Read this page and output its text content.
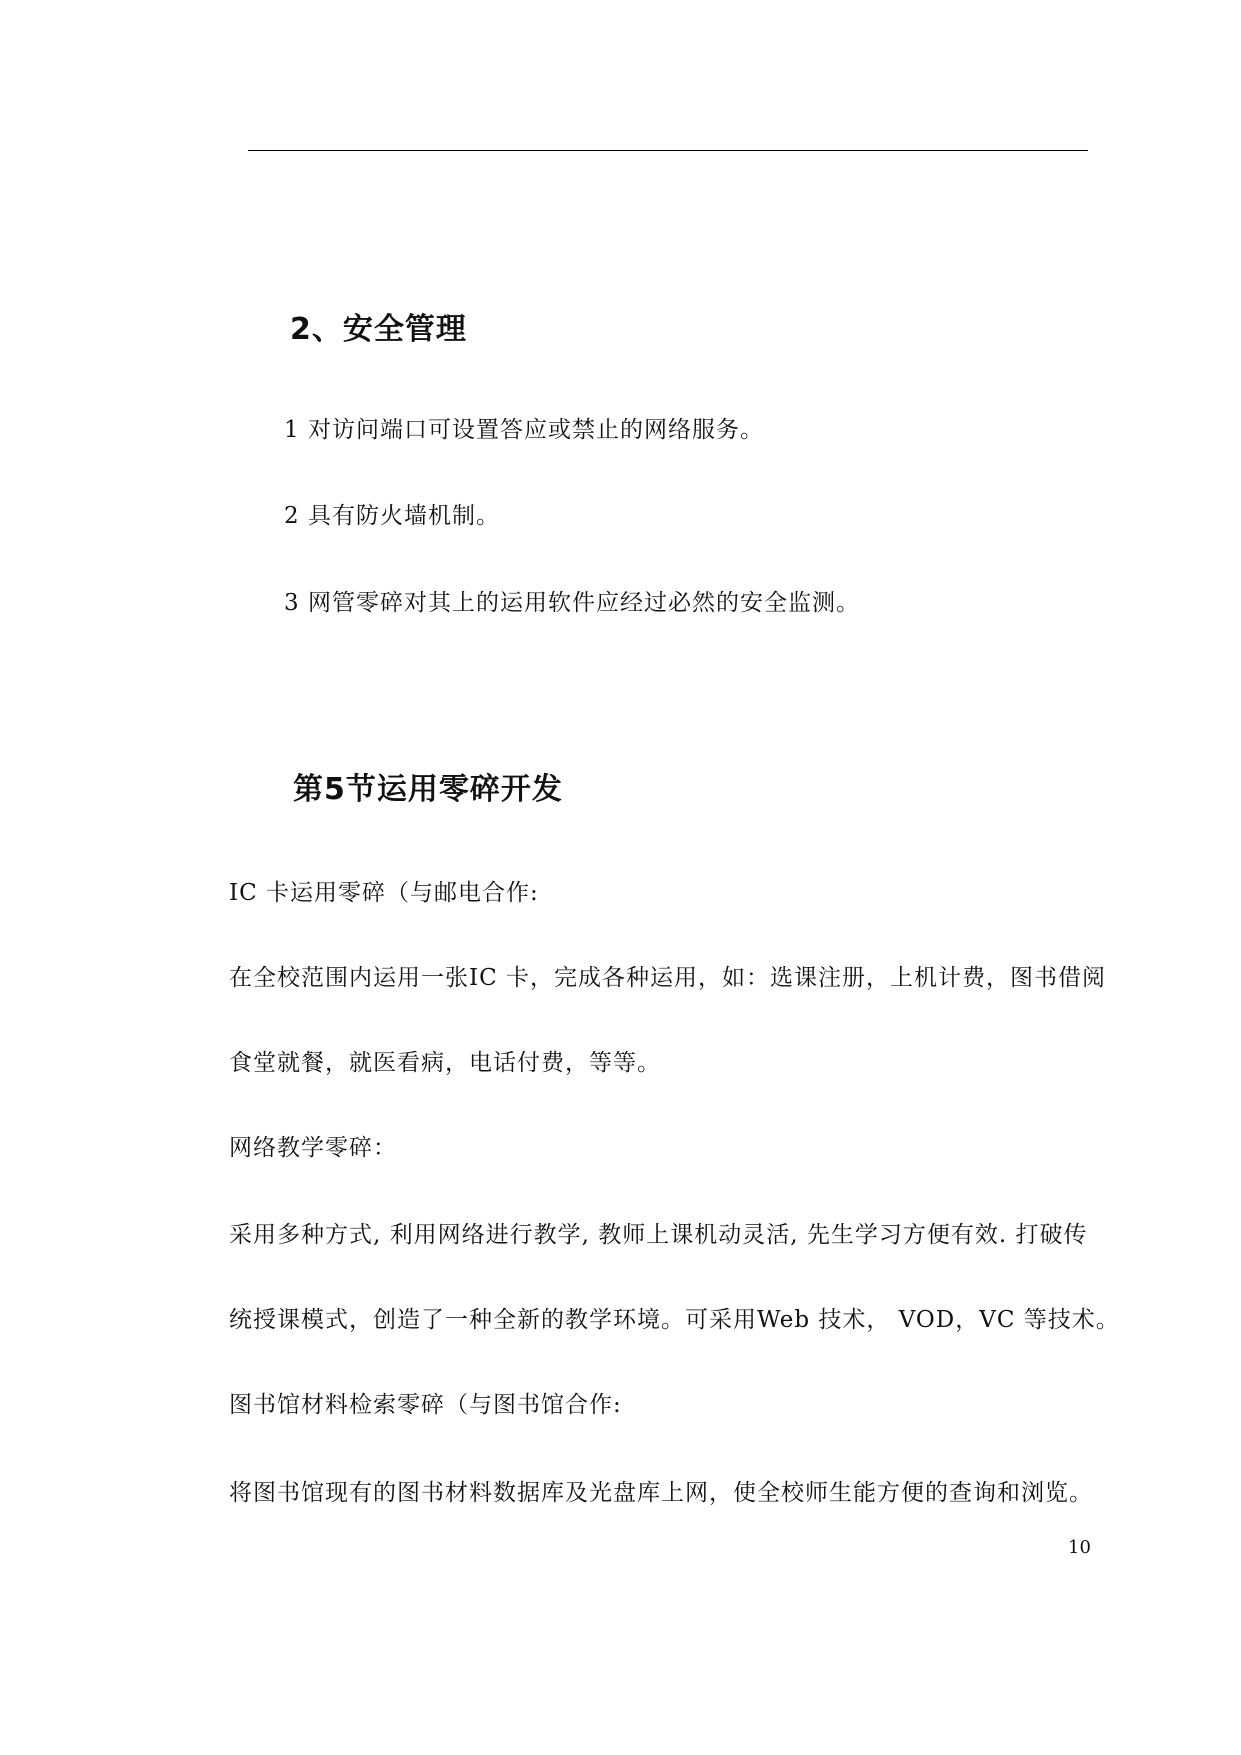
2、安全管理
1 对访问端口可设置答应或禁止的网络服务。
2 具有防火墙机制。
3 网管零碎对其上的运用软件应经过必然的安全监测。
第5节运用零碎开发
IC 卡运用零碎（与邮电合作:
在全校范围内运用一张IC 卡，完成各种运用，如：选课注册，上机计费，图书借阅
食堂就餐，就医看病，电话付费，等等。
网络教学零碎：
采用多种方式, 利用网络进行教学, 教师上课机动灵活, 先生学习方便有效. 打破传
统授课模式，创造了一种全新的教学环境。可采用Web 技术， VOD，VC 等技术。
图书馆材料检索零碎（与图书馆合作:
将图书馆现有的图书材料数据库及光盘库上网，使全校师生能方便的查询和浏览。
10
